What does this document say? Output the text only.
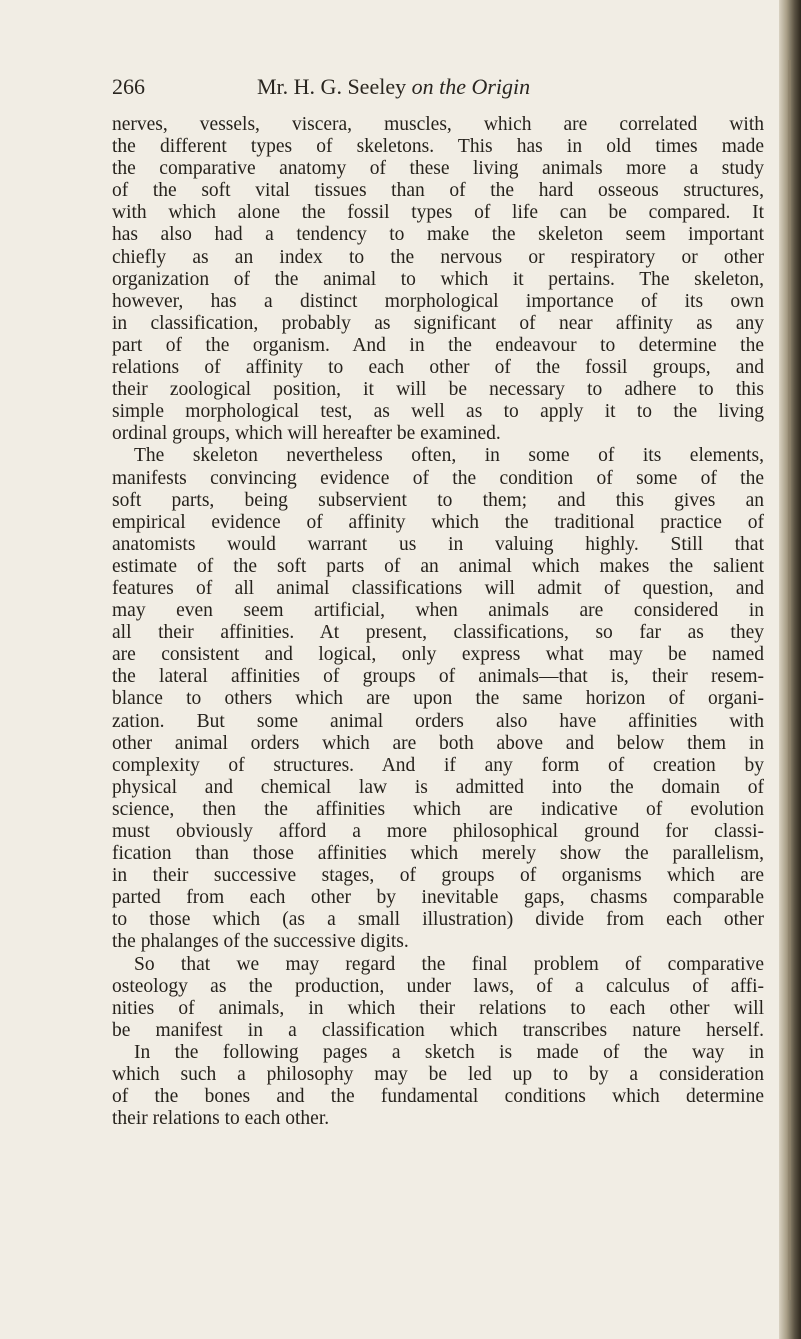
266	Mr. H. G. Seeley on the Origin
nerves, vessels, viscera, muscles, which are correlated with
the different types of skeletons. This has in old times made
the comparative anatomy of these living animals more a study
of the soft vital tissues than of the hard osseous structures,
with which alone the fossil types of life can be compared. It
has also had a tendency to make the skeleton seem important
chiefly as an index to the nervous or respiratory or other
organization of the animal to which it pertains. The skeleton,
however, has a distinct morphological importance of its own
in classification, probably as significant of near affinity as any
part of the organism. And in the endeavour to determine the
relations of affinity to each other of the fossil groups, and
their zoological position, it will be necessary to adhere to this
simple morphological test, as well as to apply it to the living
ordinal groups, which will hereafter be examined.
The skeleton nevertheless often, in some of its elements,
manifests convincing evidence of the condition of some of the
soft parts, being subservient to them; and this gives an
empirical evidence of affinity which the traditional practice of
anatomists would warrant us in valuing highly. Still that
estimate of the soft parts of an animal which makes the salient
features of all animal classifications will admit of question, and
may even seem artificial, when animals are considered in
all their affinities. At present, classifications, so far as they
are consistent and logical, only express what may be named
the lateral affinities of groups of animals—that is, their resem-
blance to others which are upon the same horizon of organi-
zation. But some animal orders also have affinities with
other animal orders which are both above and below them in
complexity of structures. And if any form of creation by
physical and chemical law is admitted into the domain of
science, then the affinities which are indicative of evolution
must obviously afford a more philosophical ground for classi-
fication than those affinities which merely show the parallelism,
in their successive stages, of groups of organisms which are
parted from each other by inevitable gaps, chasms comparable
to those which (as a small illustration) divide from each other
the phalanges of the successive digits.
So that we may regard the final problem of comparative
osteology as the production, under laws, of a calculus of affi-
nities of animals, in which their relations to each other will
be manifest in a classification which transcribes nature herself.
In the following pages a sketch is made of the way in
which such a philosophy may be led up to by a consideration
of the bones and the fundamental conditions which determine
their relations to each other.
